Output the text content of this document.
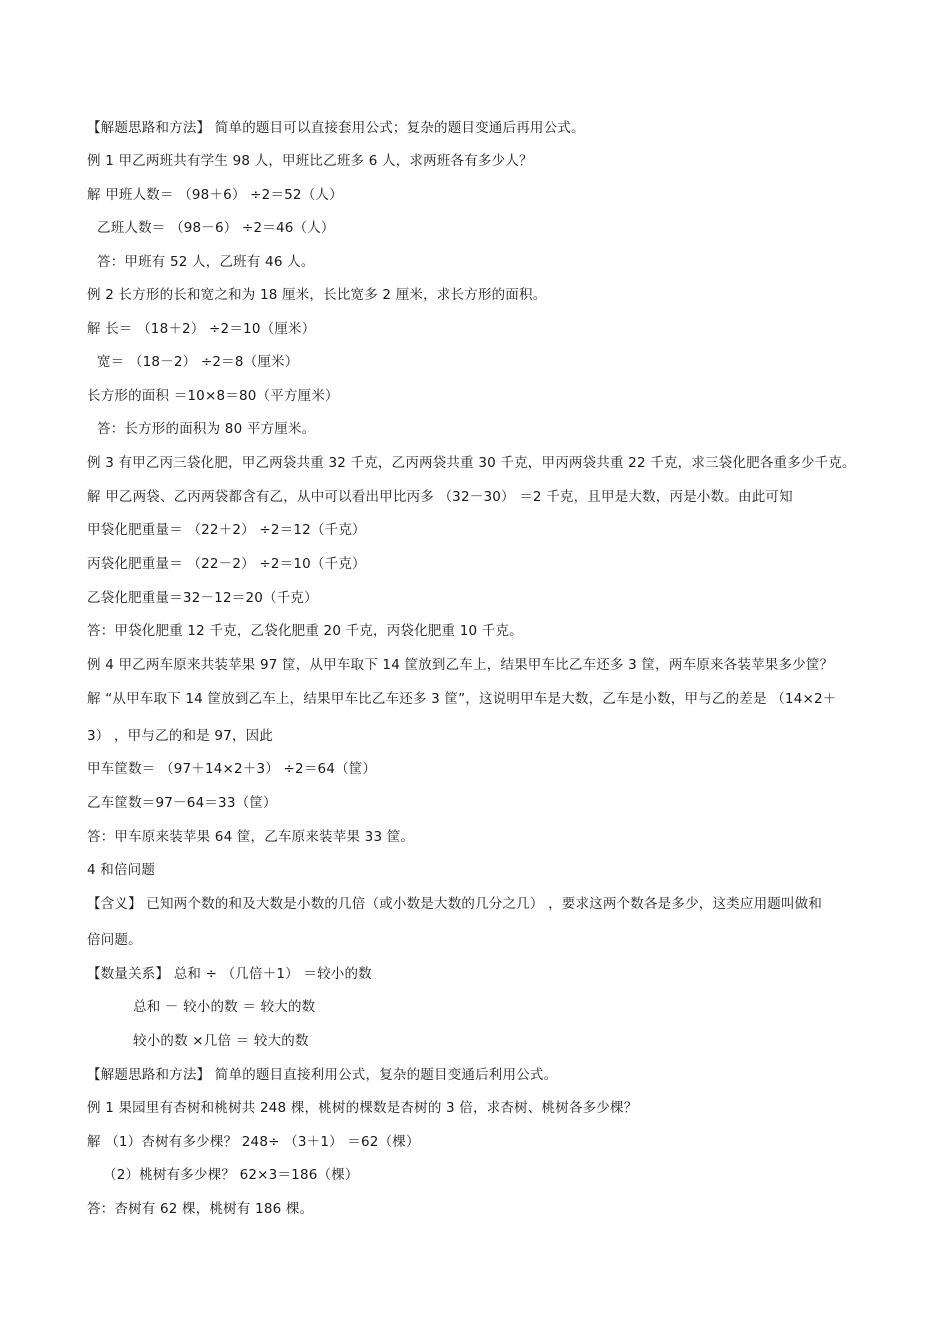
【解题思路和方法】 简单的题目可以直接套用公式；复杂的题目变通后再用公式。
例 1 甲乙两班共有学生 98 人，甲班比乙班多 6 人，求两班各有多少人？
解 甲班人数＝ （98＋6） ÷2＝52（人）
乙班人数＝ （98－6） ÷2＝46（人）
答：甲班有 52 人，乙班有 46 人。
例 2 长方形的长和宽之和为 18 厘米，长比宽多 2 厘米，求长方形的面积。
解 长＝ （18＋2） ÷2＝10（厘米）
宽＝ （18－2） ÷2＝8（厘米）
长方形的面积 ＝10×8＝80（平方厘米）
答：长方形的面积为 80 平方厘米。
例 3 有甲乙丙三袋化肥，甲乙两袋共重 32 千克，乙丙两袋共重 30 千克，甲丙两袋共重 22 千克，求三袋化肥各重多少千克。
解 甲乙两袋、乙丙两袋都含有乙，从中可以看出甲比丙多 （32－30） ＝2 千克，且甲是大数，丙是小数。由此可知
甲袋化肥重量＝ （22＋2） ÷2＝12（千克）
丙袋化肥重量＝ （22－2） ÷2＝10（千克）
乙袋化肥重量＝32－12＝20（千克）
答：甲袋化肥重 12 千克，乙袋化肥重 20 千克，丙袋化肥重 10 千克。
例 4 甲乙两车原来共装苹果 97 筐，从甲车取下 14 筐放到乙车上，结果甲车比乙车还多 3 筐，两车原来各装苹果多少筐？
解 “从甲车取下 14 筐放到乙车上，结果甲车比乙车还多 3 筐”，这说明甲车是大数，乙车是小数，甲与乙的差是 （14×2＋
3） ，甲与乙的和是 97，因此
甲车筐数＝ （97＋14×2＋3） ÷2＝64（筐）
乙车筐数＝97－64＝33（筐）
答：甲车原来装苹果 64 筐，乙车原来装苹果 33 筐。
4 和倍问题
【含义】 已知两个数的和及大数是小数的几倍（或小数是大数的几分之几） ，要求这两个数各是多少，这类应用题叫做和
倍问题。
【数量关系】 总和 ÷ （几倍＋1） ＝较小的数
总和 － 较小的数 ＝ 较大的数
较小的数 ×几倍 ＝ 较大的数
【解题思路和方法】 简单的题目直接利用公式，复杂的题目变通后利用公式。
例 1 果园里有杏树和桃树共 248 棵，桃树的棵数是杏树的 3 倍，求杏树、桃树各多少棵？
解 （1）杏树有多少棵？ 248÷ （3＋1） ＝62（棵）
（2）桃树有多少棵？ 62×3＝186（棵）
答：杏树有 62 棵，桃树有 186 棵。
